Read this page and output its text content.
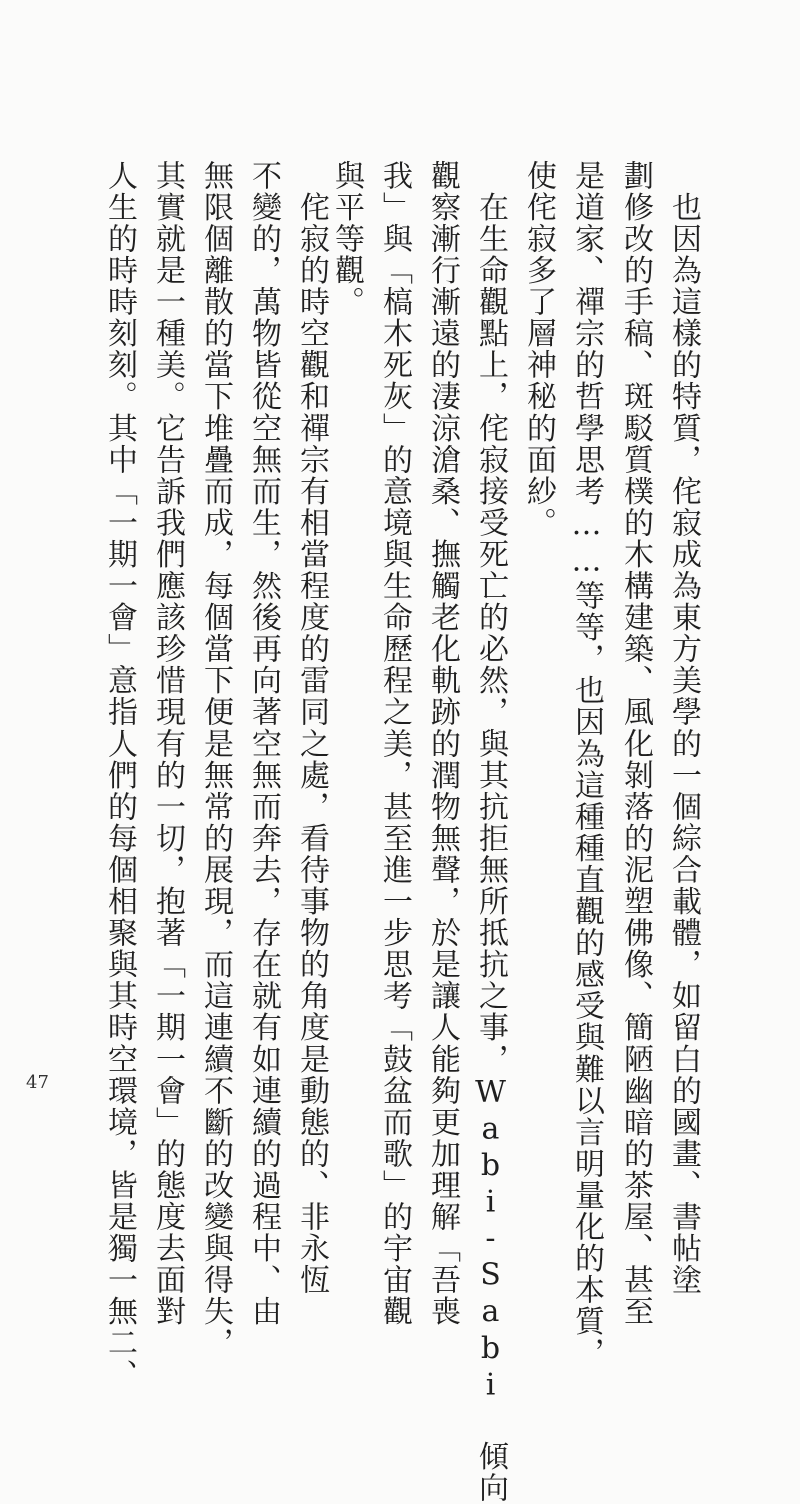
　也因為這樣的特質，侘寂成為東方美學的一個綜合載體，如留白的國畫、書帖塗
劃修改的手稿、斑駁質樸的木構建築、風化剝落的泥塑佛像、簡陋幽暗的茶屋、甚至
是道家、禪宗的哲學思考……等等，也因為這種種直觀的感受與難以言明量化的本質，
使侘寂多了層神秘的面紗。
　在生命觀點上，侘寂接受死亡的必然，與其抗拒無所抵抗之事，Wabi-Sabi 傾向
觀察漸行漸遠的淒涼滄桑、撫觸老化軌跡的潤物無聲，於是讓人能夠更加理解「吾喪
我」與「槁木死灰」的意境與生命歷程之美，甚至進一步思考「鼓盆而歌」的宇宙觀
與平等觀。
　侘寂的時空觀和禪宗有相當程度的雷同之處，看待事物的角度是動態的、非永恆
不變的，萬物皆從空無而生，然後再向著空無而奔去，存在就有如連續的過程中、由
無限個離散的當下堆疊而成，每個當下便是無常的展現，而這連續不斷的改變與得失，
其實就是一種美。它告訴我們應該珍惜現有的一切，抱著「一期一會」的態度去面對
人生的時時刻刻。其中「一期一會」意指人們的每個相聚與其時空環境，皆是獨一無二、
47
